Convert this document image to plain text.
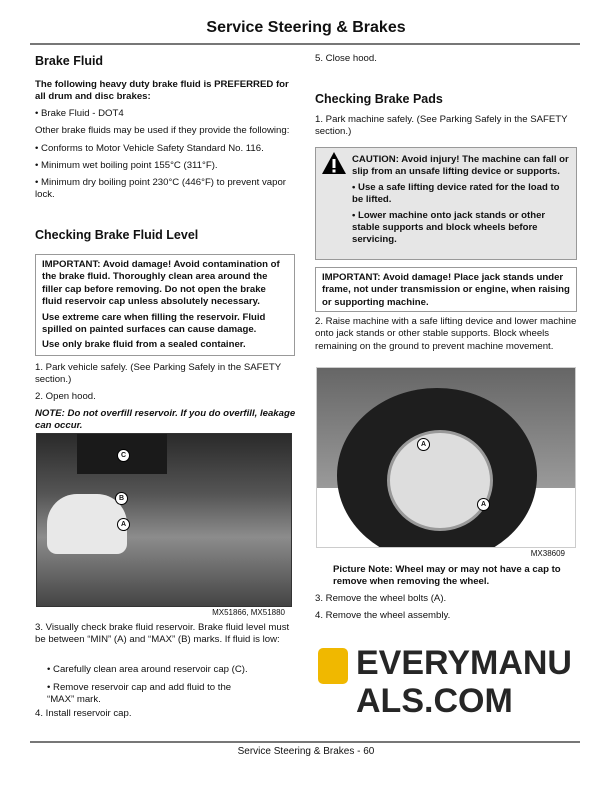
Service Steering & Brakes
Brake Fluid

The following heavy duty brake fluid is PREFERRED for all drum and disc brakes:

• Brake Fluid - DOT4

Other brake fluids may be used if they provide the following:

• Conforms to Motor Vehicle Safety Standard No. 116.

• Minimum wet boiling point 155°C (311°F).

• Minimum dry boiling point 230°C (446°F) to prevent vapor lock.

Checking Brake Fluid Level
IMPORTANT: Avoid damage! Avoid contamination of the brake fluid. Thoroughly clean area around the filler cap before removing. Do not open the brake fluid reservoir cap unless absolutely necessary.
Use extreme care when filling the reservoir. Fluid spilled on painted surfaces can cause damage.
Use only brake fluid from a sealed container.

1. Park vehicle safely. (See Parking Safely in the SAFETY section.)

2. Open hood.

NOTE: Do not overfill reservoir. If you do overfill, leakage can occur.

C
B
A

MX51866, MX51880

3. Visually check brake fluid reservoir. Brake fluid level must be between “MIN” (A) and “MAX” (B) marks. If fluid is low:

• Carefully clean area around reservoir cap (C).

• Remove reservoir cap and add fluid to the “MAX” mark.

4. Install reservoir cap.

5. Close hood.

Checking Brake Pads

1. Park machine safely. (See Parking Safely in the SAFETY section.)

CAUTION: Avoid injury! The machine can fall or slip from an unsafe lifting device or supports.
• Use a safe lifting device rated for the load to be lifted.
• Lower machine onto jack stands or other stable supports and block wheels before servicing.
IMPORTANT: Avoid damage! Place jack stands under frame, not under transmission or engine, when raising or supporting machine.

2. Raise machine with a safe lifting device and lower machine onto jack stands or other stable supports. Block wheels remaining on the ground to prevent machine movement.

A
A

MX38609

Picture Note: Wheel may or may not have a cap to remove when removing the wheel.

3. Remove the wheel bolts (A).

4. Remove the wheel assembly.

EVERYMANUALS.COM
Service Steering & Brakes - 60
